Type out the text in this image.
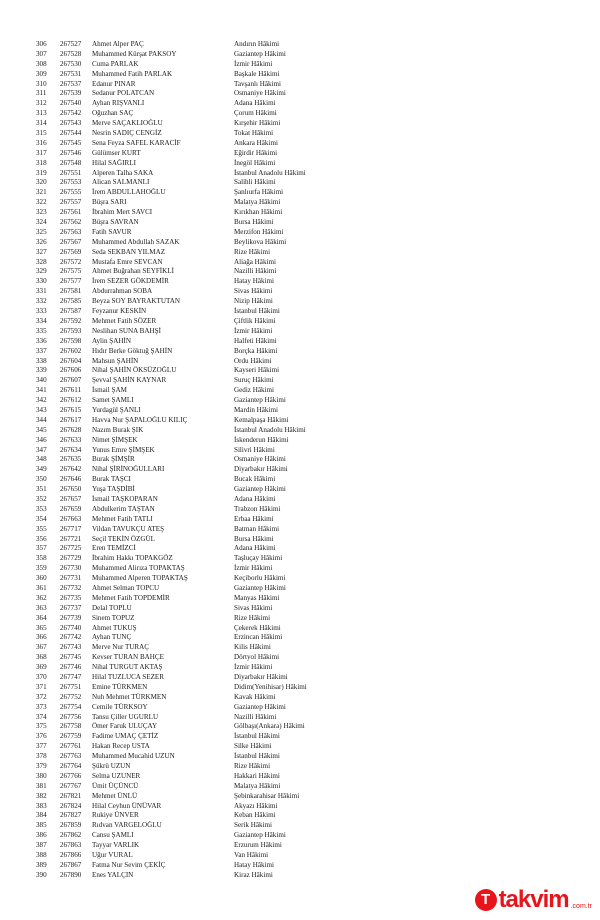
306	267527	Ahmet Alper PAÇ	Andırın Hâkimi
307	267528	Muhammed Kürşat PAKSOY	Gaziantep Hâkimi
308	267530	Cuma PARLAK	İzmir Hâkimi
309	267531	Muhammed Fatih PARLAK	Başkale Hâkimi
310	267537	Edanur PINAR	Tavşanlı Hâkimi
311	267539	Sedanur POLATCAN	Osmaniye Hâkimi
312	267540	Ayhan RIŞVANLI	Adana Hâkimi
313	267542	Oğuzhan SAÇ	Çorum Hâkimi
314	267543	Merve SAÇAKLIOĞLU	Kırşehir Hâkimi
315	267544	Nesrin SADIÇ CENGİZ	Tokat Hâkimi
316	267545	Sena Feyza SAFEL KARACİF	Ankara Hâkimi
317	267546	Gülümser KURT	Eğirdir Hâkimi
318	267548	Hilal SAĞIRLI	İnegöl Hâkimi
319	267551	Alperen Talha SAKA	İstanbul Anadolu Hâkimi
320	267553	Alican SALMANLI	Salihli Hâkimi
321	267555	İrem ABDULLAHOĞLU	Şanlıurfa Hâkimi
322	267557	Büşra SARI	Malatya Hâkimi
323	267561	İbrahim Mert SAVCI	Kırıkhan Hâkimi
324	267562	Büşra SAVRAN	Bursa Hâkimi
325	267563	Fatih SAVUR	Merzifon Hâkimi
326	267567	Muhammed Abdullah SAZAK	Beylikova Hâkimi
327	267569	Seda SEKBAN YILMAZ	Rize Hâkimi
328	267572	Mustafa Emre SEVCAN	Aliağa Hâkimi
329	267575	Ahmet Buğrahan SEYFİKLİ	Nazilli Hâkimi
330	267577	İrem SEZER GÖKDEMİR	Hatay Hâkimi
331	267581	Abdurrahman SOBA	Sivas Hâkimi
332	267585	Beyza SOY BAYRAKTUTAN	Nizip Hâkimi
333	267587	Feyzanur KESKİN	İstanbul Hâkimi
334	267592	Mehmet Fatih SÖZER	Çiftlik Hâkimi
335	267593	Neslihan SUNA BAHŞİ	İzmir Hâkimi
336	267598	Aylin ŞAHİN	Halfeti Hâkimi
337	267602	Hıdır Berke Göktuğ ŞAHİN	Borçka Hâkimi
338	267604	Mahsun ŞAHİN	Ordu Hâkimi
339	267606	Nihal ŞAHİN ÖKSÜZOĞLU	Kayseri Hâkimi
340	267607	Şevval ŞAHİN KAYNAR	Suruç Hâkimi
341	267611	İsmail ŞAM	Gediz Hâkimi
342	267612	Samet ŞAMLI	Gaziantep Hâkimi
343	267615	Yurdagül ŞANLI	Mardin Hâkimi
344	267617	Havva Nur ŞAPALOĞLU KILIÇ	Kemalpaşa Hâkimi
345	267628	Nazım Burak ŞIK	İstanbul Anadolu Hâkimi
346	267633	Nimet ŞİMŞEK	İskenderun Hâkimi
347	267634	Yunus Emre ŞİMŞEK	Silivri Hâkimi
348	267635	Burak ŞİMŞİR	Osmaniye Hâkimi
349	267642	Nihal ŞİRİNOĞULLARI	Diyarbakır Hâkimi
350	267646	Burak TAŞCI	Bucak Hâkimi
351	267650	Yuşa TAŞDİBİ	Gaziantep Hâkimi
352	267657	İsmail TAŞKOPARAN	Adana Hâkimi
353	267659	Abdulkerim TAŞTAN	Trabzon Hâkimi
354	267663	Mehmet Fatih TATLI	Erbaa Hâkimi
355	267717	Vildan TAVUKÇU ATEŞ	Batman Hâkimi
356	267721	Seçil TEKİN ÖZGÜL	Bursa Hâkimi
357	267725	Eren TEMİZCİ	Adana Hâkimi
358	267729	İbrahim Hakkı TOPAKGÖZ	Taşluçay Hâkimi
359	267730	Muhammed Alirıza TOPAKTAŞ	İzmir Hâkimi
360	267731	Muhammed Alperen TOPAKTAŞ	Keçiborlu Hâkimi
361	267732	Ahmet Selman TOPCU	Gaziantep Hâkimi
362	267735	Mehmet Fatih TOPDEMİR	Manyas Hâkimi
363	267737	Delal TOPLU	Sivas Hâkimi
364	267739	Sinem TOPUZ	Rize Hâkimi
365	267740	Ahmet TUKUŞ	Çekerek Hâkimi
366	267742	Ayhan TUNÇ	Erzincan Hâkimi
367	267743	Merve Nur TURAÇ	Kilis Hâkimi
368	267745	Kevser TURAN BAHÇE	Dörtyol Hâkimi
369	267746	Nihal TURGUT AKTAŞ	İzmir Hâkimi
370	267747	Hilal TUZLUCA SEZER	Diyarbakır Hâkimi
371	267751	Emine TÜRKMEN	Didim(Yenihisar) Hâkimi
372	267752	Nuh Mehmet TÜRKMEN	Kavak Hâkimi
373	267754	Cemile TÜRKSOY	Gaziantep Hâkimi
374	267756	Tansu Çiller UGURLU	Nazilli Hâkimi
375	267758	Ömer Faruk ULUÇAY	Gölbaşı(Ankara) Hâkimi
376	267759	Fadime UMAÇ ÇETİZ	İstanbul Hâkimi
377	267761	Hakan Recep USTA	Silke Hâkimi
378	267763	Muhammed Mucahid UZUN	İstanbul Hâkimi
379	267764	Şükrü UZUN	Rize Hâkimi
380	267766	Selma UZUNER	Hakkari Hâkimi
381	267767	Ümit ÜÇÜNCÜ	Malatya Hâkimi
382	267821	Mehmet ÜNLÜ	Şebinkarahisar Hâkimi
383	267824	Hilal Ceyhun ÜNÜVAR	Akyazı Hâkimi
384	267827	Rukiye ÜNVER	Keban Hâkimi
385	267859	Rıdvan VARGELOĞLU	Serik Hâkimi
386	267862	Cansu ŞAMLI	Gaziantep Hâkimi
387	267863	Tayyar VARLIK	Erzurum Hâkimi
388	267866	Uğur VURAL	Van Hâkimi
389	267867	Fatma Nur Sevim ÇEKİÇ	Hatay Hâkimi
390	267890	Enes YALÇIN	Kiraz Hâkimi
T takvim .com.tr
